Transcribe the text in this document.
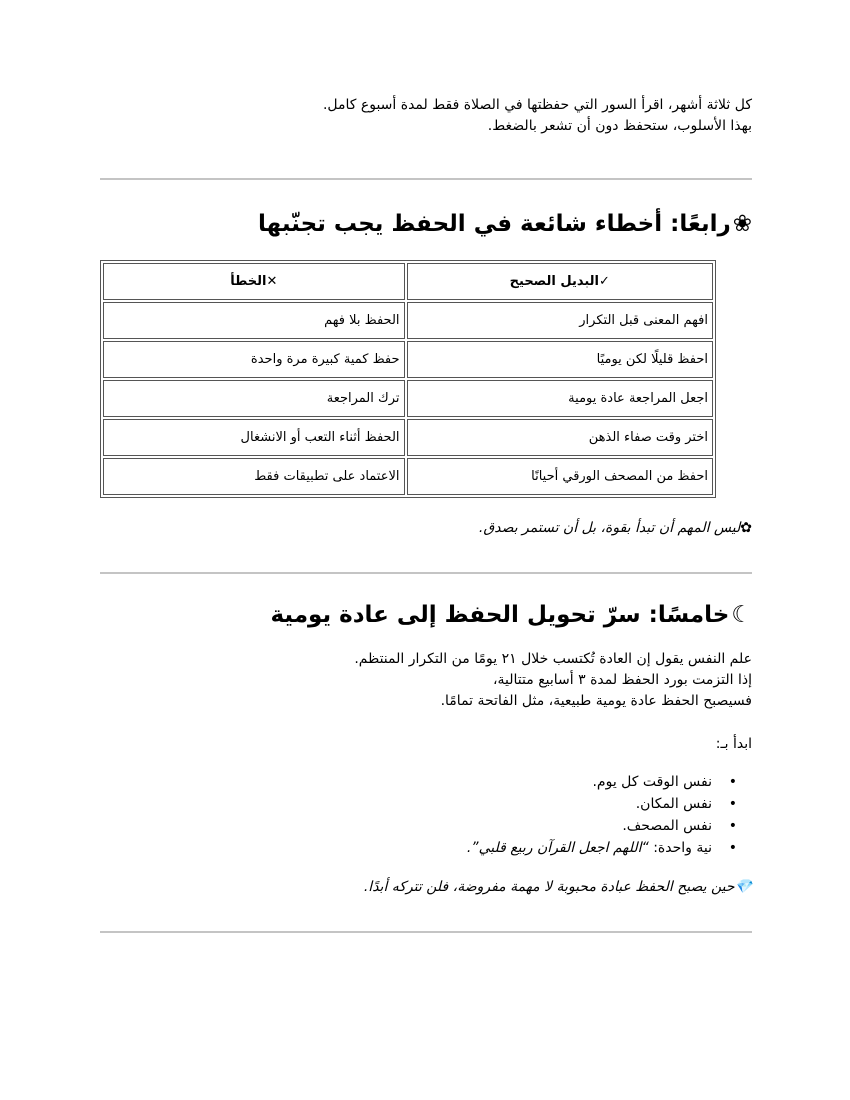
كل ثلاثة أشهر، اقرأ السور التي حفظتها في الصلاة فقط لمدة أسبوع كامل.

بهذا الأسلوب، ستحفظ دون أن تشعر بالضغط.

❀رابعًا: أخطاء شائعة في الحفظ يجب تجنّبها
✓البديل الصحيح	✕الخطأ
افهم المعنى قبل التكرار	الحفظ بلا فهم
احفظ قليلًا لكن يوميًا	حفظ كمية كبيرة مرة واحدة
اجعل المراجعة عادة يومية	ترك المراجعة
اختر وقت صفاء الذهن	الحفظ أثناء التعب أو الانشغال
احفظ من المصحف الورقي أحيانًا	الاعتماد على تطبيقات فقط

✿ليس المهم أن تبدأ بقوة، بل أن تستمر بصدق.

☾خامسًا: سرّ تحويل الحفظ إلى عادة يومية

علم النفس يقول إن العادة تُكتسب خلال ٢١ يومًا من التكرار المنتظم.

إذا التزمت بورد الحفظ لمدة ٣ أسابيع متتالية،

فسيصبح الحفظ عادة يومية طبيعية، مثل الفاتحة تمامًا.

ابدأ بـ:

• نفس الوقت كل يوم.
• نفس المكان.
• نفس المصحف.
• نية واحدة: “اللهم اجعل القرآن ربيع قلبي”.

💎حين يصبح الحفظ عبادة محبوبة لا مهمة مفروضة، فلن تتركه أبدًا.
